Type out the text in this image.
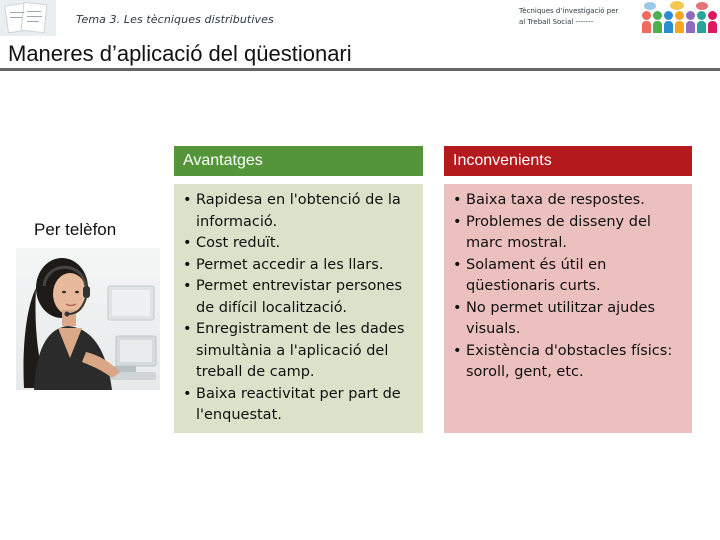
Tema 3. Les tècniques distributives
Tècniques d’investigació per
al Treball Social -------
Maneres d’aplicació del qüestionari
Per telèfon
Avantatges
• Rapidesa en l'obtenció de la informació.
• Cost reduït.
• Permet accedir a les llars.
• Permet entrevistar persones de difícil localització.
• Enregistrament de les dades simultània a l'aplicació del treball de camp.
• Baixa reactivitat per part de l'enquestat.
Inconvenients
• Baixa taxa de respostes.
• Problemes de disseny del marc mostral.
• Solament és útil en qüestionaris curts.
• No permet utilitzar ajudes visuals.
• Existència d'obstacles físics: soroll, gent, etc.
